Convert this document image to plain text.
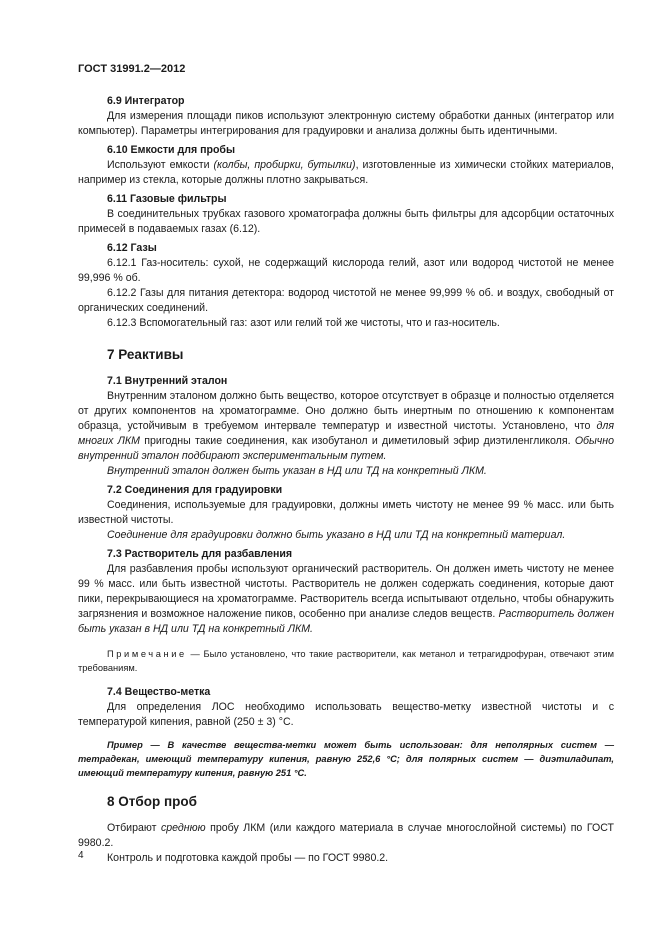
ГОСТ 31991.2—2012
6.9 Интегратор
Для измерения площади пиков используют электронную систему обработки данных (интегратор или компьютер). Параметры интегрирования для градуировки и анализа должны быть идентичными.
6.10 Емкости для пробы
Используют емкости (колбы, пробирки, бутылки), изготовленные из химически стойких материалов, например из стекла, которые должны плотно закрываться.
6.11 Газовые фильтры
В соединительных трубках газового хроматографа должны быть фильтры для адсорбции остаточных примесей в подаваемых газах (6.12).
6.12 Газы
6.12.1 Газ-носитель: сухой, не содержащий кислорода гелий, азот или водород чистотой не менее 99,996 % об.
6.12.2 Газы для питания детектора: водород чистотой не менее 99,999 % об. и воздух, свободный от органических соединений.
6.12.3 Вспомогательный газ: азот или гелий той же чистоты, что и газ-носитель.
7 Реактивы
7.1 Внутренний эталон
Внутренним эталоном должно быть вещество, которое отсутствует в образце и полностью отделяется от других компонентов на хроматограмме. Оно должно быть инертным по отношению к компонентам образца, устойчивым в требуемом интервале температур и известной чистоты. Установлено, что для многих ЛКМ пригодны такие соединения, как изобутанол и диметиловый эфир диэтиленгликоля. Обычно внутренний эталон подбирают экспериментальным путем.
Внутренний эталон должен быть указан в НД или ТД на конкретный ЛКМ.
7.2 Соединения для градуировки
Соединения, используемые для градуировки, должны иметь чистоту не менее 99 % масс. или быть известной чистоты.
Соединение для градуировки должно быть указано в НД или ТД на конкретный материал.
7.3 Растворитель для разбавления
Для разбавления пробы используют органический растворитель. Он должен иметь чистоту не менее 99 % масс. или быть известной чистоты. Растворитель не должен содержать соединения, которые дают пики, перекрывающиеся на хроматограмме. Растворитель всегда испытывают отдельно, чтобы обнаружить загрязнения и возможное наложение пиков, особенно при анализе следов веществ. Растворитель должен быть указан в НД или ТД на конкретный ЛКМ.
Примечание — Было установлено, что такие растворители, как метанол и тетрагидрофуран, отвечают этим требованиям.
7.4 Вещество-метка
Для определения ЛОС необходимо использовать вещество-метку известной чистоты и с температурой кипения, равной (250 ± 3) °С.
Пример — В качестве вещества-метки может быть использован: для неполярных систем — тетрадекан, имеющий температуру кипения, равную 252,6 °С; для полярных систем — диэтиладипат, имеющий температуру кипения, равную 251 °С.
8 Отбор проб
Отбирают среднюю пробу ЛКМ (или каждого материала в случае многослойной системы) по ГОСТ 9980.2.
Контроль и подготовка каждой пробы — по ГОСТ 9980.2.
4
